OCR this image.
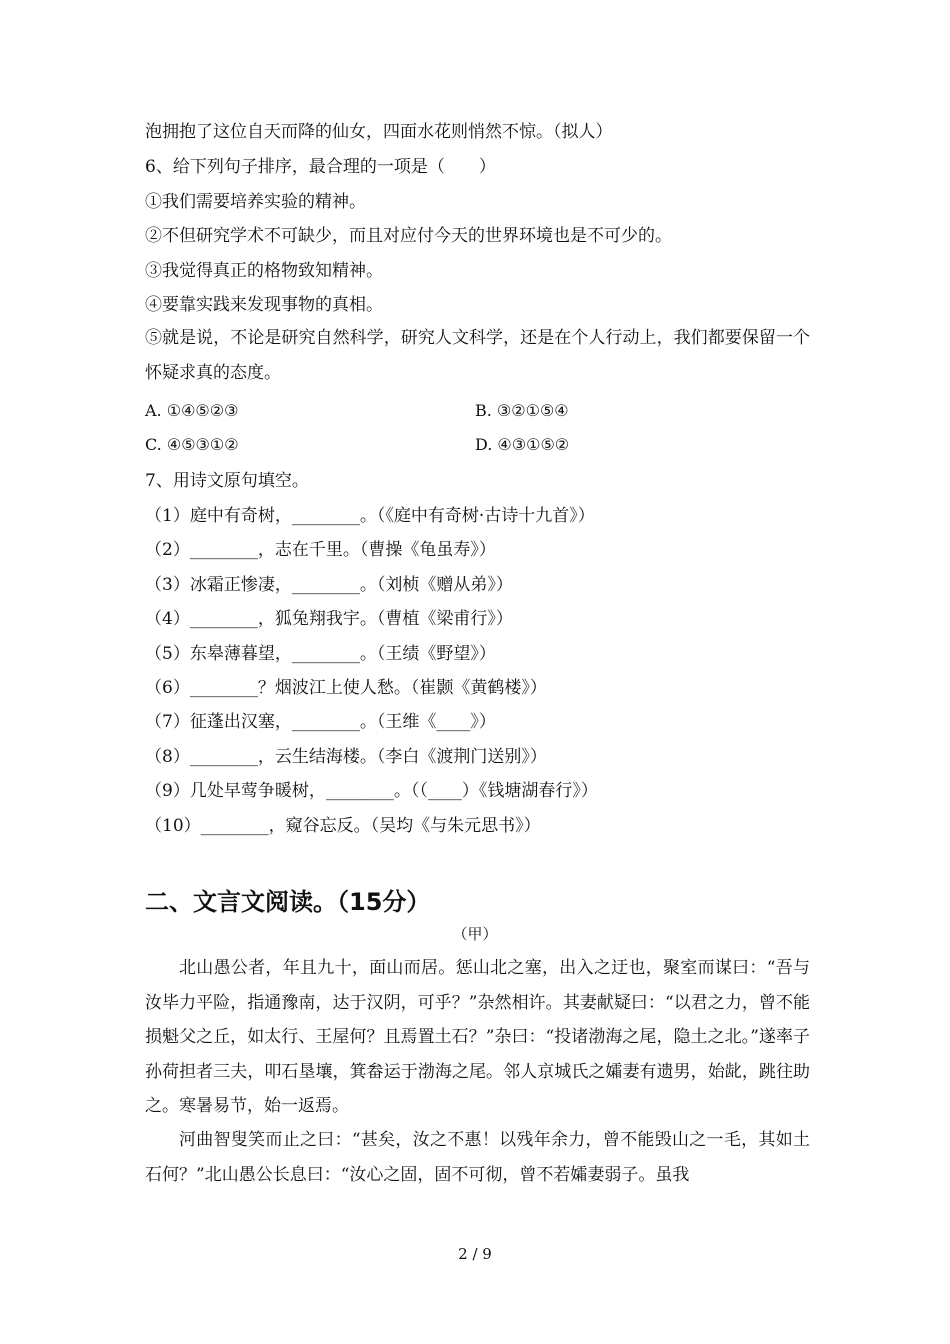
泡拥抱了这位自天而降的仙女，四面水花则悄然不惊。（拟人）
6、给下列句子排序，最合理的一项是（　　）
①我们需要培养实验的精神。
②不但研究学术不可缺少，而且对应付今天的世界环境也是不可少的。
③我觉得真正的格物致知精神。
④要靠实践来发现事物的真相。
⑤就是说，不论是研究自然科学，研究人文科学，还是在个人行动上，我们都要保留一个怀疑求真的态度。
A. ①④⑤②③	B. ③②①⑤④
C. ④⑤③①②	D. ④③①⑤②
7、用诗文原句填空。
（1）庭中有奇树，________。（《庭中有奇树·古诗十九首》）
（2）________，志在千里。（曹操《龟虽寿》）
（3）冰霜正惨凄，________。（刘桢《赠从弟》）
（4）________，狐兔翔我宇。（曹植《梁甫行》）
（5）东皋薄暮望，________。（王绩《野望》）
（6）________？烟波江上使人愁。（崔颢《黄鹤楼》）
（7）征蓬出汉塞，________。（王维《____》）
（8）________，云生结海楼。（李白《渡荆门送别》）
（9）几处早莺争暖树，________。（（____）《钱塘湖春行》）
（10）________，窥谷忘反。（吴均《与朱元思书》）
二、文言文阅读。（15分）
（甲）
北山愚公者，年且九十，面山而居。惩山北之塞，出入之迂也，聚室而谋曰：“吾与汝毕力平险，指通豫南，达于汉阴，可乎？”杂然相许。其妻献疑曰：“以君之力，曾不能损魁父之丘，如太行、王屋何？且焉置土石？”杂曰：“投诸渤海之尾，隐土之北。”遂率子孙荷担者三夫，叩石垦壤，箕畚运于渤海之尾。邻人京城氏之孀妻有遗男，始龀，跳往助之。寒暑易节，始一返焉。
河曲智叟笑而止之曰：“甚矣，汝之不惠！以残年余力，曾不能毁山之一毛，其如土石何？”北山愚公长息曰：“汝心之固，固不可彻，曾不若孀妻弱子。虽我
2 / 9
